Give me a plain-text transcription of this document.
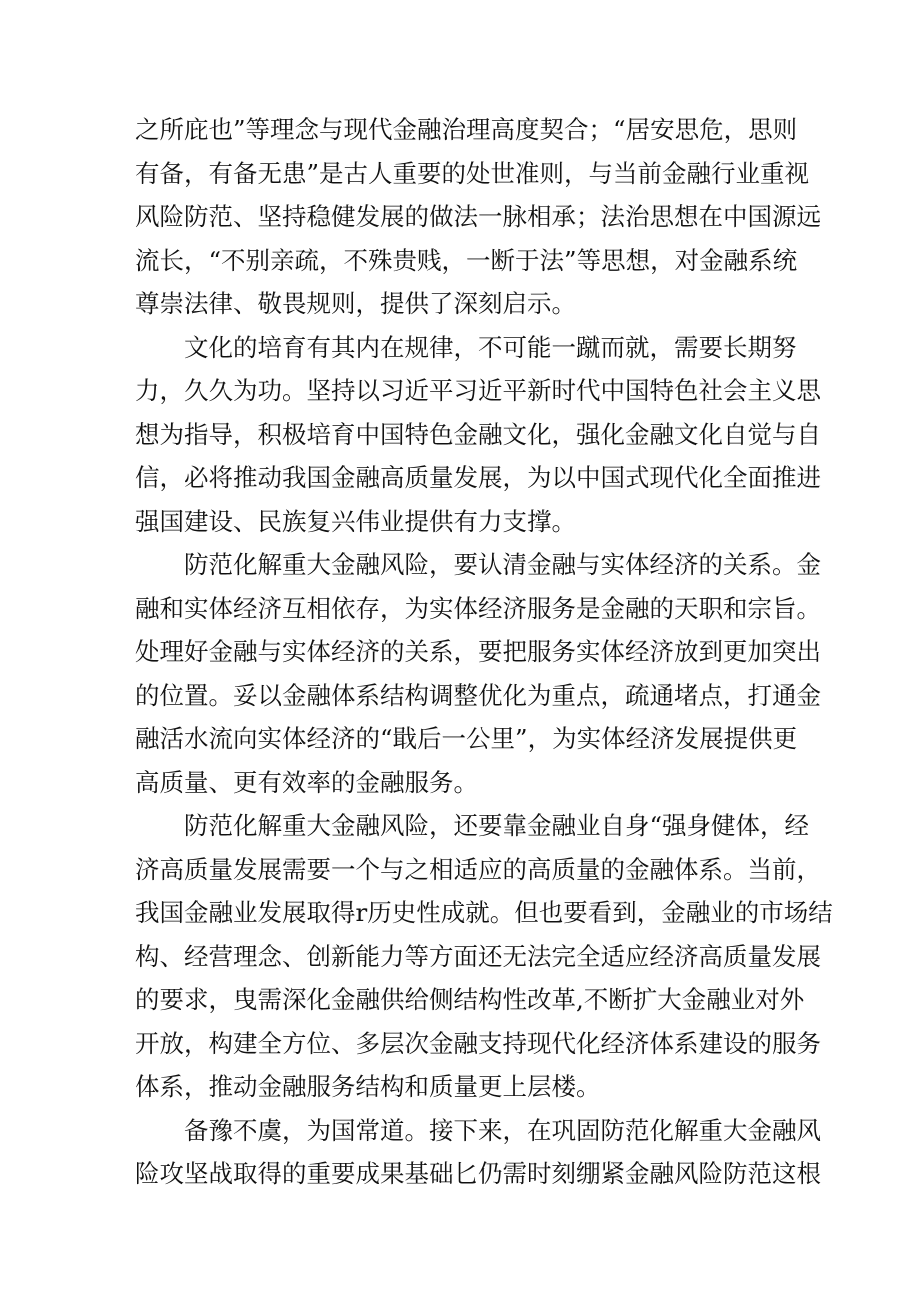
之 所 庇 也 ” 等 理 念 与 现 代 金 融 治 理 高 度 契 合 ； “ 居 安 思 危 ， 思 则
有 备 ， 有 备 无 患 ” 是 古 人 重 要 的 处 世 准 则 ， 与 当 前 金 融 行 业 重 视
风 险 防 范 、 坚 持 稳 健 发 展 的 做 法 一 脉 相 承 ； 法 治 思 想 在 中 国 源 远
流 长 ， “ 不 别 亲 疏 ， 不 殊 贵 贱 ， 一 断 于 法 ” 等 思 想 ， 对 金 融 系 统
尊崇法律、敬畏规则，提供了深刻启示。
文 化 的 培 育 有 其 内 在 规 律 ， 不 可 能 一 蹴 而 就 ， 需 要 长 期 努
力 ， 久 久 为 功 。 坚 持 以 习 近 平 习 近 平 新 时 代 中 国 特 色 社 会 主 义 思
想 为 指 导 ， 积 极 培 育 中 国 特 色 金 融 文 化 ， 强 化 金 融 文 化 自 觉 与 自
信 ， 必 将 推 动 我 国 金 融 高 质 量 发 展 ， 为 以 中 国 式 现 代 化 全 面 推 进
强国建设、民族复兴伟业提供有力支撑。
防 范 化 解 重 大 金 融 风 险 ， 要 认 清 金 融 与 实 体 经 济 的 关 系 。 金
融 和 实 体 经 济 互 相 依 存 ， 为 实 体 经 济 服 务 是 金 融 的 天 职 和 宗 旨 。
处 理 好 金 融 与 实 体 经 济 的 关 系 ， 要 把 服 务 实 体 经 济 放 到 更 加 突 出
的 位 置 。 妥 以 金 融 体 系 结 构 调 整 优 化 为 重 点 ， 疏 通 堵 点 ， 打 通 金
融 活 水 流 向 实 体 经 济 的 “ 戢 后 一 公 里 ” ， 为 实 体 经 济 发 展 提 供 更
高质量、更有效率的金融服务。
防 范 化 解 重 大 金 融 风 险 ， 还 要 靠 金 融 业 自 身 “ 强 身 健 体 ， 经
济 高 质 量 发 展 需 要 一 个 与 之 相 适 应 的 高 质 量 的 金 融 体 系 。 当 前 ，
我 国 金 融 业 发 展 取 得 r 历 史 性 成 就 。 但 也 要 看 到 ， 金 融 业 的 市 场 结
构 、 经 营 理 念 、 创 新 能 力 等 方 面 还 无 法 完 全 适 应 经 济 高 质 量 发 展
的 要 求 ， 曳 需 深 化 金 融 供 给 侧 结 构 性 改 革 , 不 断 扩 大 金 融 业 对 外
开 放 ， 构 建 全 方 位 、 多 层 次 金 融 支 持 现 代 化 经 济 体 系 建 设 的 服 务
体系，推动金融服务结构和质量更上层楼。
备 豫 不 虞 ， 为 国 常 道 。 接 下 来 ， 在 巩 固 防 范 化 解 重 大 金 融 风
险 攻 坚 战 取 得 的 重 要 成 果 基 础 匕 仍 需 时 刻 绷 紧 金 融 风 险 防 范 这 根
